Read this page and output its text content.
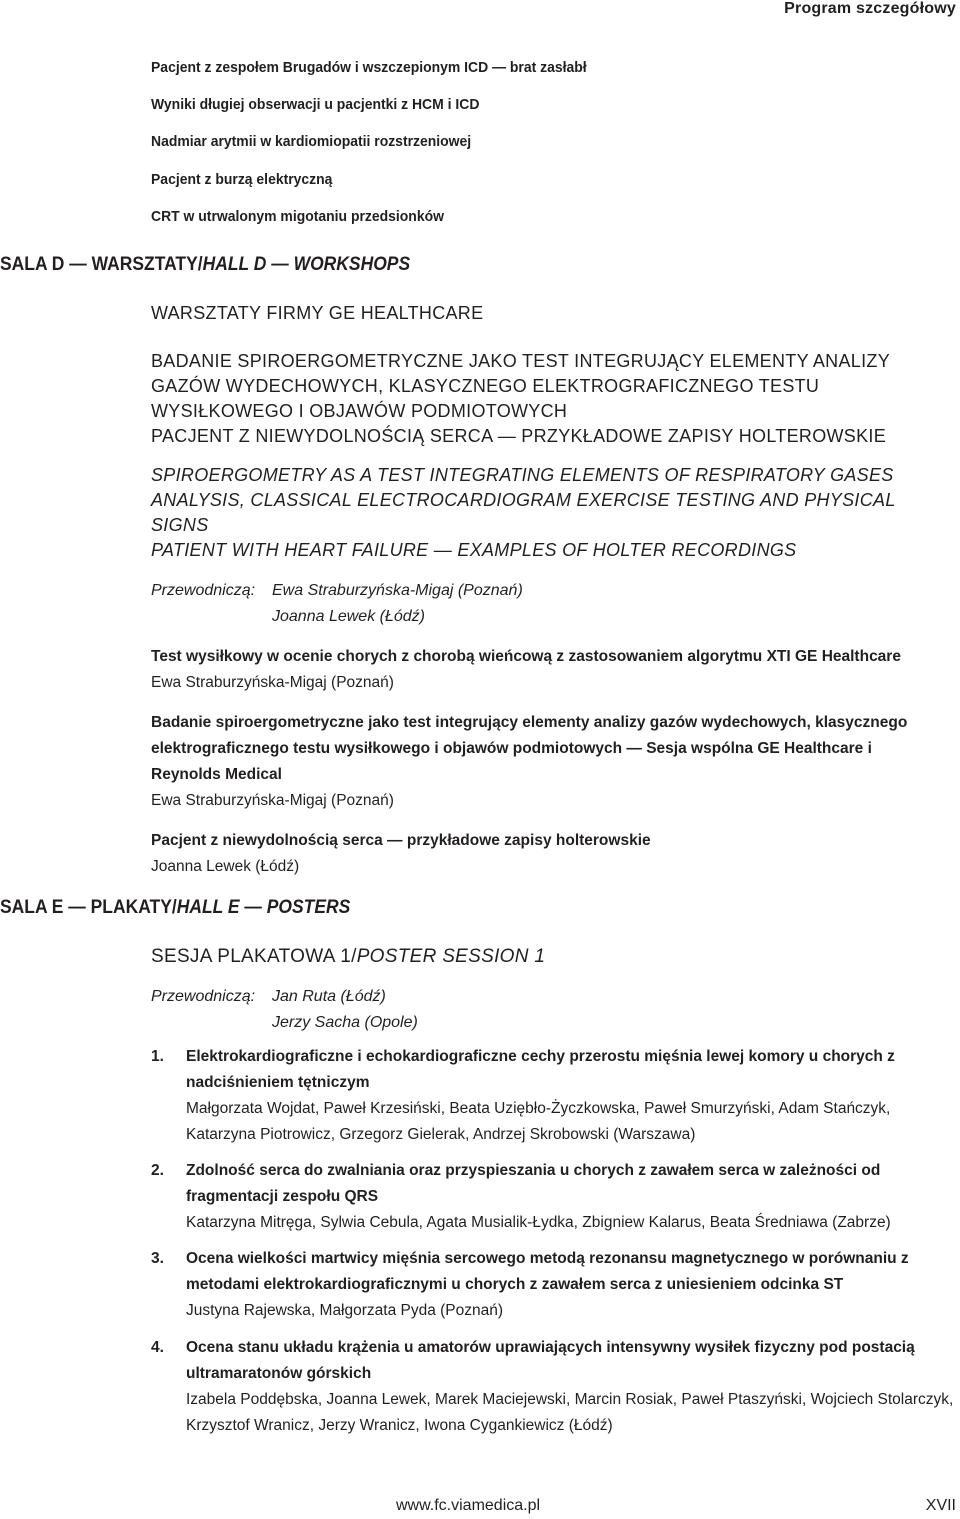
Program szczegółowy
Pacjent z zespołem Brugadów i wszczepionym ICD — brat zasłabł
Wyniki długiej obserwacji u pacjentki z HCM i ICD
Nadmiar arytmii w kardiomiopatii rozstrzeniowej
Pacjent z burzą elektryczną
CRT w utrwalonym migotaniu przedsionków
SALA D — WARSZTATY/HALL D — WORKSHOPS
WARSZTATY FIRMY GE HEALTHCARE
BADANIE SPIROERGOMETRYCZNE JAKO TEST INTEGRUJĄCY ELEMENTY ANALIZY GAZÓW WYDECHOWYCH, KLASYCZNEGO ELEKTROGRAFICZNEGO TESTU WYSIŁKOWEGO I OBJAWÓW PODMIOTOWYCH
PACJENT Z NIEWYDOLNOŚCIĄ SERCA — PRZYKŁADOWE ZAPISY HOLTEROWSKIE
SPIROERGOMETRY AS A TEST INTEGRATING ELEMENTS OF RESPIRATORY GASES ANALYSIS, CLASSICAL ELECTROCARDIOGRAM EXERCISE TESTING AND PHYSICAL SIGNS
PATIENT WITH HEART FAILURE — EXAMPLES OF HOLTER RECORDINGS
Przewodniczą: Ewa Straburzyńska-Migaj (Poznań)
Joanna Lewek (Łódź)
Test wysiłkowy w ocenie chorych z chorobą wieńcową z zastosowaniem algorytmu XTI GE Healthcare
Ewa Straburzyńska-Migaj (Poznań)
Badanie spiroergometryczne jako test integrujący elementy analizy gazów wydechowych, klasycznego elektrograficznego testu wysiłkowego i objawów podmiotowych — Sesja wspólna GE Healthcare i Reynolds Medical
Ewa Straburzyńska-Migaj (Poznań)
Pacjent z niewydolnością serca — przykładowe zapisy holterowskie
Joanna Lewek (Łódź)
SALA E — PLAKATY/HALL E — POSTERS
SESJA PLAKATOWA 1/POSTER SESSION 1
Przewodniczą: Jan Ruta (Łódź)
Jerzy Sacha (Opole)
1. Elektrokardiograficzne i echokardiograficzne cechy przerostu mięśnia lewej komory u chorych z nadciśnieniem tętniczym
Małgorzata Wojdat, Paweł Krzesiński, Beata Uziębło-Życzkowska, Paweł Smurzyński, Adam Stańczyk, Katarzyna Piotrowicz, Grzegorz Gielerak, Andrzej Skrobowski (Warszawa)
2. Zdolność serca do zwalniania oraz przyspieszania u chorych z zawałem serca w zależności od fragmentacji zespołu QRS
Katarzyna Mitręga, Sylwia Cebula, Agata Musialik-Łydka, Zbigniew Kalarus, Beata Średniawa (Zabrze)
3. Ocena wielkości martwicy mięśnia sercowego metodą rezonansu magnetycznego w porównaniu z metodami elektrokardiograficznymi u chorych z zawałem serca z uniesieniem odcinka ST
Justyna Rajewska, Małgorzata Pyda (Poznań)
4. Ocena stanu układu krążenia u amatorów uprawiających intensywny wysiłek fizyczny pod postacią ultramaratonów górskich
Izabela Poddębska, Joanna Lewek, Marek Maciejewski, Marcin Rosiak, Paweł Ptaszyński, Wojciech Stolarczyk, Krzysztof Wranicz, Jerzy Wranicz, Iwona Cygankiewicz (Łódź)
www.fc.viamedica.pl	XVII
